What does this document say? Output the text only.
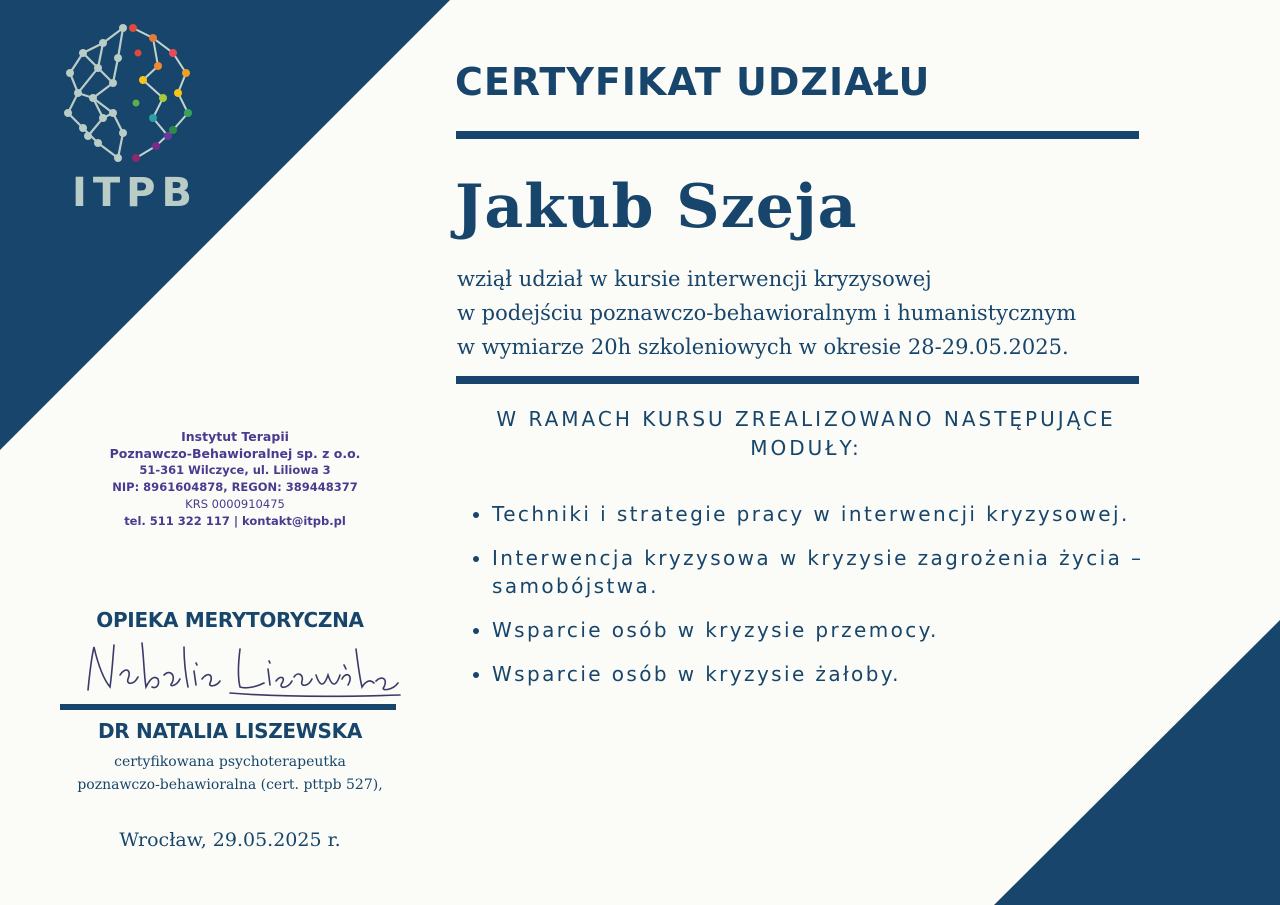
ITPB

CERTYFIKAT UDZIAŁU
Jakub Szeja

wziął udział w kursie interwencji kryzysowej
w podejściu poznawczo-behawioralnym i humanistycznym
w wymiarze 20h szkoleniowych w okresie 28-29.05.2025.

W RAMACH KURSU ZREALIZOWANO NASTĘPUJĄCE MODUŁY:

• Techniki i strategie pracy w interwencji kryzysowej.
• Interwencja kryzysowa w kryzysie zagrożenia życia – samobójstwa.
• Wsparcie osób w kryzysie przemocy.
• Wsparcie osób w kryzysie żałoby.
Instytut Terapii
Poznawczo-Behawioralnej sp. z o.o.
51-361 Wilczyce, ul. Liliowa 3
NIP: 8961604878, REGON: 389448377
KRS 0000910475
tel. 511 322 117 | kontakt@itpb.pl

OPIEKA MERYTORYCZNA

DR NATALIA LISZEWSKA

certyfikowana psychoterapeutka
poznawczo-behawioralna (cert. pttpb 527),

Wrocław, 29.05.2025 r.
